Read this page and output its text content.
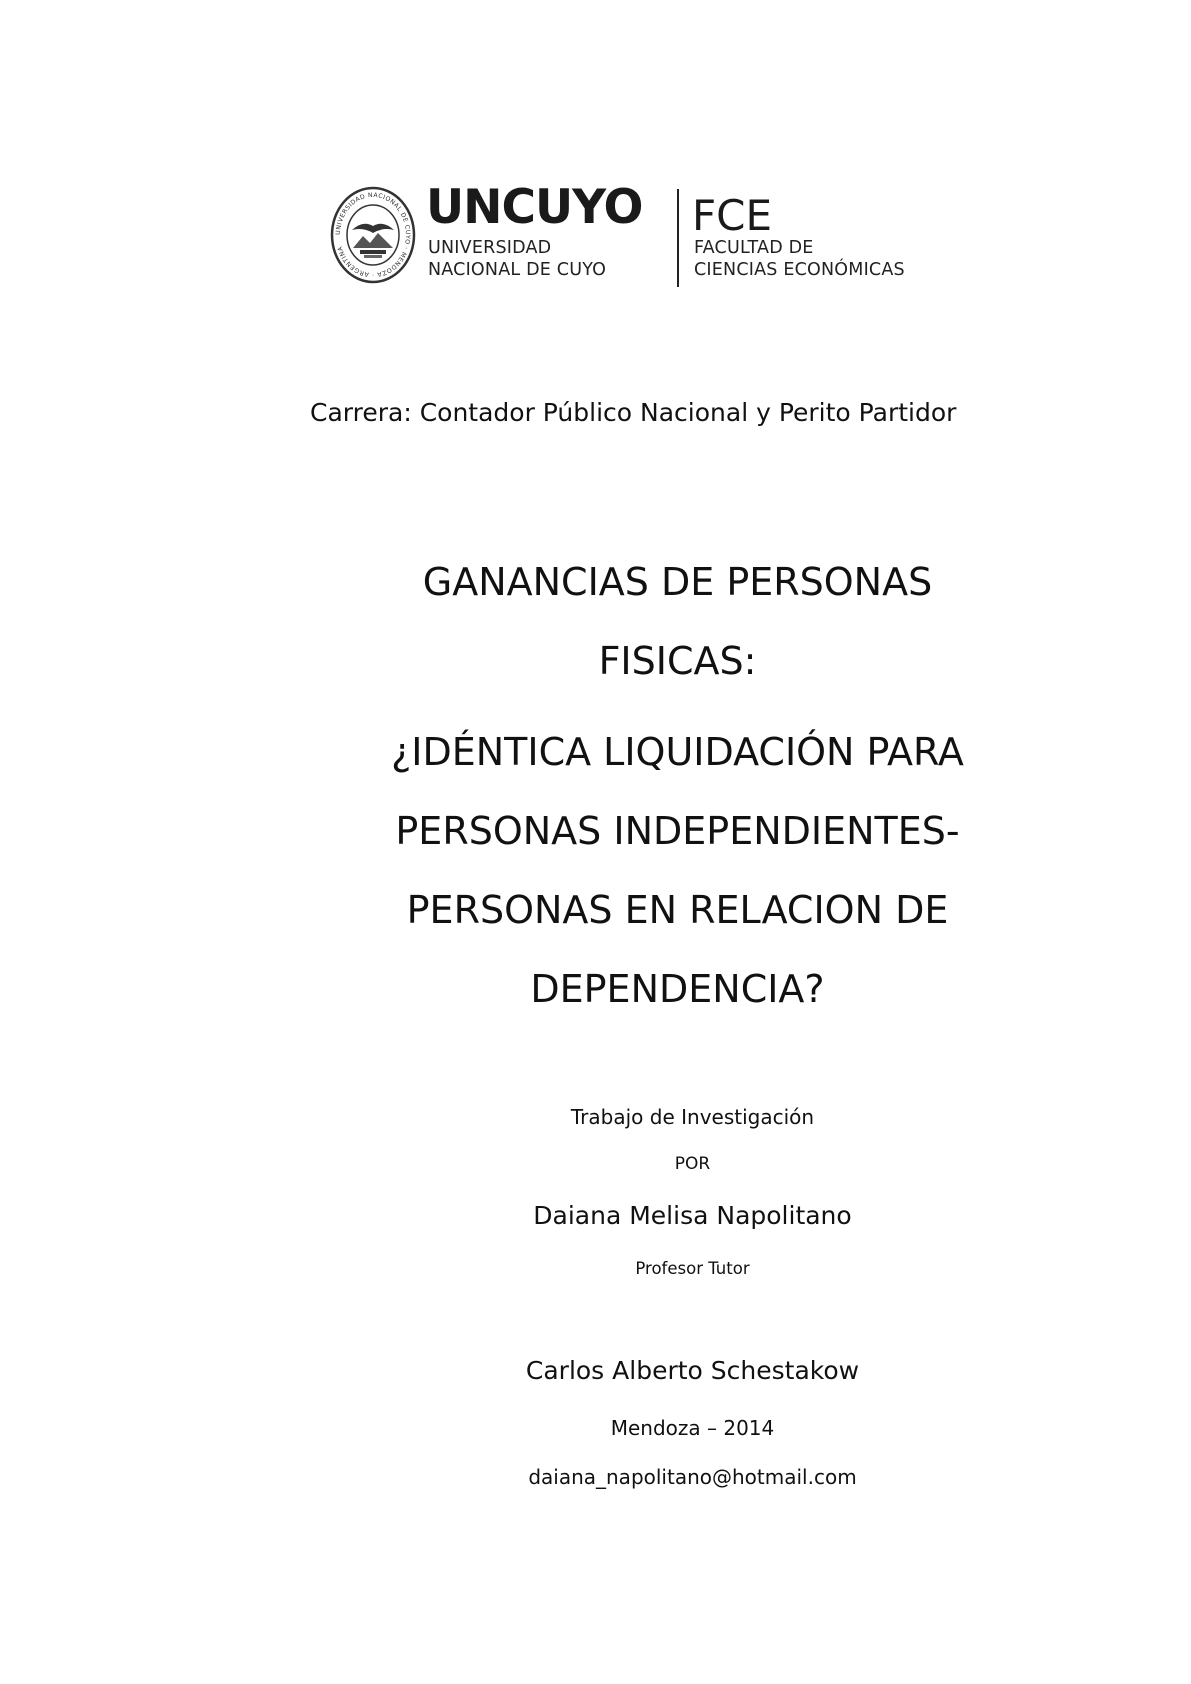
UNIVERSIDAD NACIONAL DE CUYO · MENDOZA · ARGENTINA
UNCUYO
UNIVERSIDAD
NACIONAL DE CUYO
FCE
FACULTAD DE
CIENCIAS ECONÓMICAS
Carrera: Contador Público Nacional y Perito Partidor
GANANCIAS DE PERSONAS
FISICAS:
¿IDÉNTICA LIQUIDACIÓN PARA
PERSONAS INDEPENDIENTES-
PERSONAS EN RELACION DE
DEPENDENCIA?
Trabajo de Investigación
POR
Daiana Melisa Napolitano
Profesor Tutor
Carlos Alberto Schestakow
Mendoza – 2014
daiana_napolitano@hotmail.com
